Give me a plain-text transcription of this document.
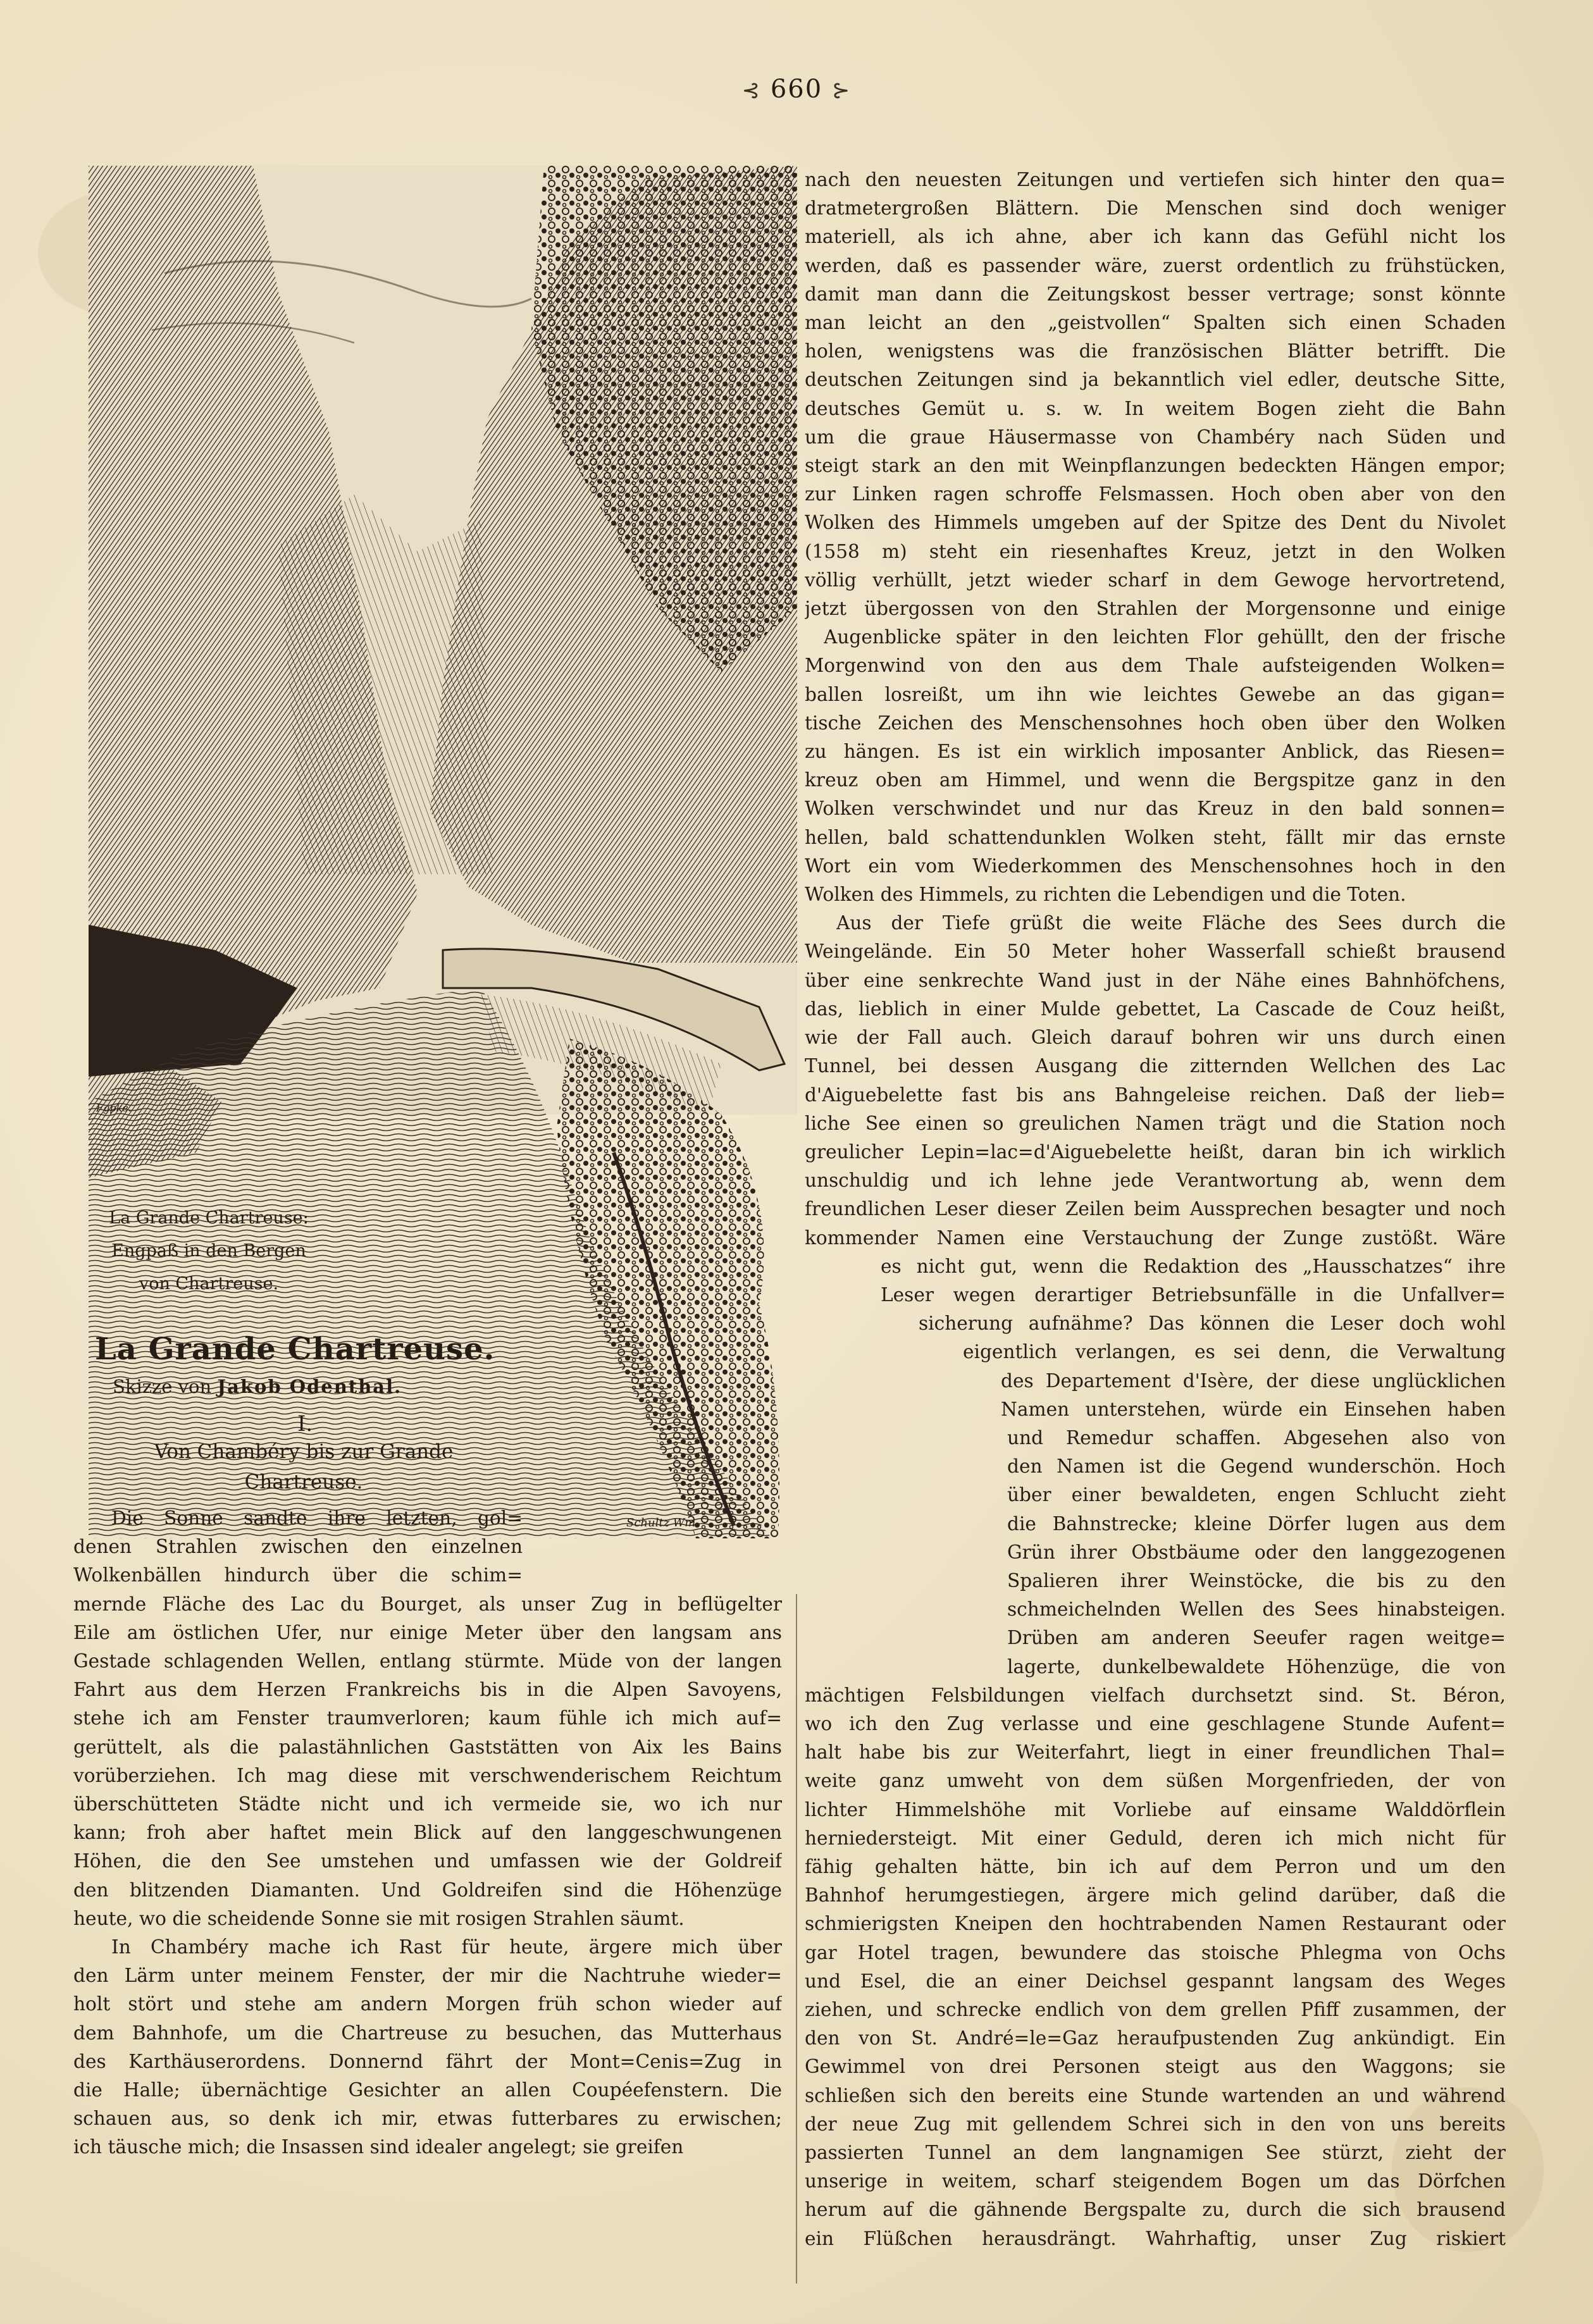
⊰ 660 ⊱
Fgpke.
Schultz Wm.
La Grande Chartreuse:
Engpaß in den Bergen
von Chartreuse.
La Grande Chartreuse.
Skizze von Jakob Odenthal.
I.
Von Chambéry bis zur Grande
Chartreuse.
Die Sonne sandte ihre letzten, gol=
denen Strahlen zwischen den einzelnen
Wolkenbällen hindurch über die schim=
mernde Fläche des Lac du Bourget, als unser Zug in beflügelter
Eile am östlichen Ufer, nur einige Meter über den langsam ans
Gestade schlagenden Wellen, entlang stürmte. Müde von der langen
Fahrt aus dem Herzen Frankreichs bis in die Alpen Savoyens,
stehe ich am Fenster traumverloren; kaum fühle ich mich auf=
gerüttelt, als die palastähnlichen Gaststätten von Aix les Bains
vorüberziehen. Ich mag diese mit verschwenderischem Reichtum
überschütteten Städte nicht und ich vermeide sie, wo ich nur
kann; froh aber haftet mein Blick auf den langgeschwungenen
Höhen, die den See umstehen und umfassen wie der Goldreif
den blitzenden Diamanten. Und Goldreifen sind die Höhenzüge
heute, wo die scheidende Sonne sie mit rosigen Strahlen säumt.
In Chambéry mache ich Rast für heute, ärgere mich über
den Lärm unter meinem Fenster, der mir die Nachtruhe wieder=
holt stört und stehe am andern Morgen früh schon wieder auf
dem Bahnhofe, um die Chartreuse zu besuchen, das Mutterhaus
des Karthäuserordens. Donnernd fährt der Mont=Cenis=Zug in
die Halle; übernächtige Gesichter an allen Coupéefenstern. Die
schauen aus, so denk ich mir, etwas futterbares zu erwischen;
ich täusche mich; die Insassen sind idealer angelegt; sie greifen
nach den neuesten Zeitungen und vertiefen sich hinter den qua=
dratmetergroßen Blättern. Die Menschen sind doch weniger
materiell, als ich ahne, aber ich kann das Gefühl nicht los
werden, daß es passender wäre, zuerst ordentlich zu frühstücken,
damit man dann die Zeitungskost besser vertrage; sonst könnte
man leicht an den „geistvollen“ Spalten sich einen Schaden
holen, wenigstens was die französischen Blätter betrifft. Die
deutschen Zeitungen sind ja bekanntlich viel edler, deutsche Sitte,
deutsches Gemüt u. s. w. In weitem Bogen zieht die Bahn
um die graue Häusermasse von Chambéry nach Süden und
steigt stark an den mit Weinpflanzungen bedeckten Hängen empor;
zur Linken ragen schroffe Felsmassen. Hoch oben aber von den
Wolken des Himmels umgeben auf der Spitze des Dent du Nivolet
(1558 m) steht ein riesenhaftes Kreuz, jetzt in den Wolken
völlig verhüllt, jetzt wieder scharf in dem Gewoge hervortretend,
jetzt übergossen von den Strahlen der Morgensonne und einige
Augenblicke später in den leichten Flor gehüllt, den der frische
Morgenwind von den aus dem Thale aufsteigenden Wolken=
ballen losreißt, um ihn wie leichtes Gewebe an das gigan=
tische Zeichen des Menschensohnes hoch oben über den Wolken
zu hängen. Es ist ein wirklich imposanter Anblick, das Riesen=
kreuz oben am Himmel, und wenn die Bergspitze ganz in den
Wolken verschwindet und nur das Kreuz in den bald sonnen=
hellen, bald schattendunklen Wolken steht, fällt mir das ernste
Wort ein vom Wiederkommen des Menschensohnes hoch in den
Wolken des Himmels, zu richten die Lebendigen und die Toten.
Aus der Tiefe grüßt die weite Fläche des Sees durch die
Weingelände. Ein 50 Meter hoher Wasserfall schießt brausend
über eine senkrechte Wand just in der Nähe eines Bahnhöfchens,
das, lieblich in einer Mulde gebettet, La Cascade de Couz heißt,
wie der Fall auch. Gleich darauf bohren wir uns durch einen
Tunnel, bei dessen Ausgang die zitternden Wellchen des Lac
d'Aiguebelette fast bis ans Bahngeleise reichen. Daß der lieb=
liche See einen so greulichen Namen trägt und die Station noch
greulicher Lepin=lac=d'Aiguebelette heißt, daran bin ich wirklich
unschuldig und ich lehne jede Verantwortung ab, wenn dem
freundlichen Leser dieser Zeilen beim Aussprechen besagter und noch
kommender Namen eine Verstauchung der Zunge zustößt. Wäre
es nicht gut, wenn die Redaktion des „Hausschatzes“ ihre
Leser wegen derartiger Betriebsunfälle in die Unfallver=
sicherung aufnähme? Das können die Leser doch wohl
eigentlich verlangen, es sei denn, die Verwaltung
des Departement d'Isère, der diese unglücklichen
Namen unterstehen, würde ein Einsehen haben
und Remedur schaffen. Abgesehen also von
den Namen ist die Gegend wunderschön. Hoch
über einer bewaldeten, engen Schlucht zieht
die Bahnstrecke; kleine Dörfer lugen aus dem
Grün ihrer Obstbäume oder den langgezogenen
Spalieren ihrer Weinstöcke, die bis zu den
schmeichelnden Wellen des Sees hinabsteigen.
Drüben am anderen Seeufer ragen weitge=
lagerte, dunkelbewaldete Höhenzüge, die von
mächtigen Felsbildungen vielfach durchsetzt sind. St. Béron,
wo ich den Zug verlasse und eine geschlagene Stunde Aufent=
halt habe bis zur Weiterfahrt, liegt in einer freundlichen Thal=
weite ganz umweht von dem süßen Morgenfrieden, der von
lichter Himmelshöhe mit Vorliebe auf einsame Walddörflein
herniedersteigt. Mit einer Geduld, deren ich mich nicht für
fähig gehalten hätte, bin ich auf dem Perron und um den
Bahnhof herumgestiegen, ärgere mich gelind darüber, daß die
schmierigsten Kneipen den hochtrabenden Namen Restaurant oder
gar Hotel tragen, bewundere das stoische Phlegma von Ochs
und Esel, die an einer Deichsel gespannt langsam des Weges
ziehen, und schrecke endlich von dem grellen Pfiff zusammen, der
den von St. André=le=Gaz heraufpustenden Zug ankündigt. Ein
Gewimmel von drei Personen steigt aus den Waggons; sie
schließen sich den bereits eine Stunde wartenden an und während
der neue Zug mit gellendem Schrei sich in den von uns bereits
passierten Tunnel an dem langnamigen See stürzt, zieht der
unserige in weitem, scharf steigendem Bogen um das Dörfchen
herum auf die gähnende Bergspalte zu, durch die sich brausend
ein Flüßchen herausdrängt. Wahrhaftig, unser Zug riskiert
